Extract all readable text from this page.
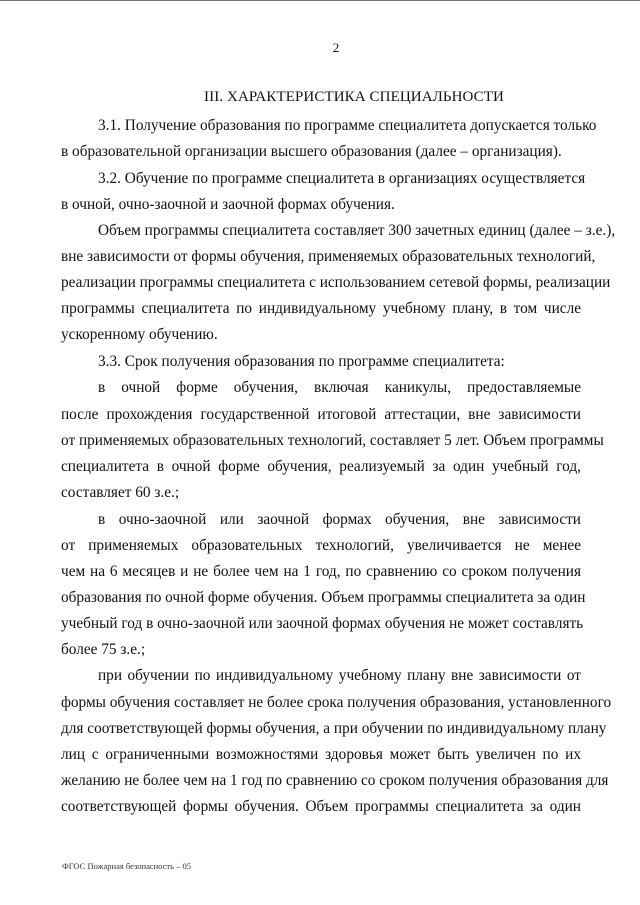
2
III. ХАРАКТЕРИСТИКА СПЕЦИАЛЬНОСТИ
3.1. Получение образования по программе специалитета допускается только
в образовательной организации высшего образования (далее – организация).
3.2. Обучение по программе специалитета в организациях осуществляется
в очной, очно-заочной и заочной формах обучения.
Объем программы специалитета составляет 300 зачетных единиц (далее – з.е.),
вне зависимости от формы обучения, применяемых образовательных технологий,
реализации программы специалитета с использованием сетевой формы, реализации
программы специалитета по индивидуальному учебному плану, в том числе
ускоренному обучению.
3.3. Срок получения образования по программе специалитета:
в очной форме обучения, включая каникулы, предоставляемые
после прохождения государственной итоговой аттестации, вне зависимости
от применяемых образовательных технологий, составляет 5 лет. Объем программы
специалитета в очной форме обучения, реализуемый за один учебный год,
составляет 60 з.е.;
в очно-заочной или заочной формах обучения, вне зависимости
от применяемых образовательных технологий, увеличивается не менее
чем на 6 месяцев и не более чем на 1 год, по сравнению со сроком получения
образования по очной форме обучения. Объем программы специалитета за один
учебный год в очно-заочной или заочной формах обучения не может составлять
более 75 з.е.;
при обучении по индивидуальному учебному плану вне зависимости от
формы обучения составляет не более срока получения образования, установленного
для соответствующей формы обучения, а при обучении по индивидуальному плану
лиц с ограниченными возможностями здоровья может быть увеличен по их
желанию не более чем на 1 год по сравнению со сроком получения образования для
соответствующей формы обучения. Объем программы специалитета за один
ФГОС Пожарная безопасность – 05
